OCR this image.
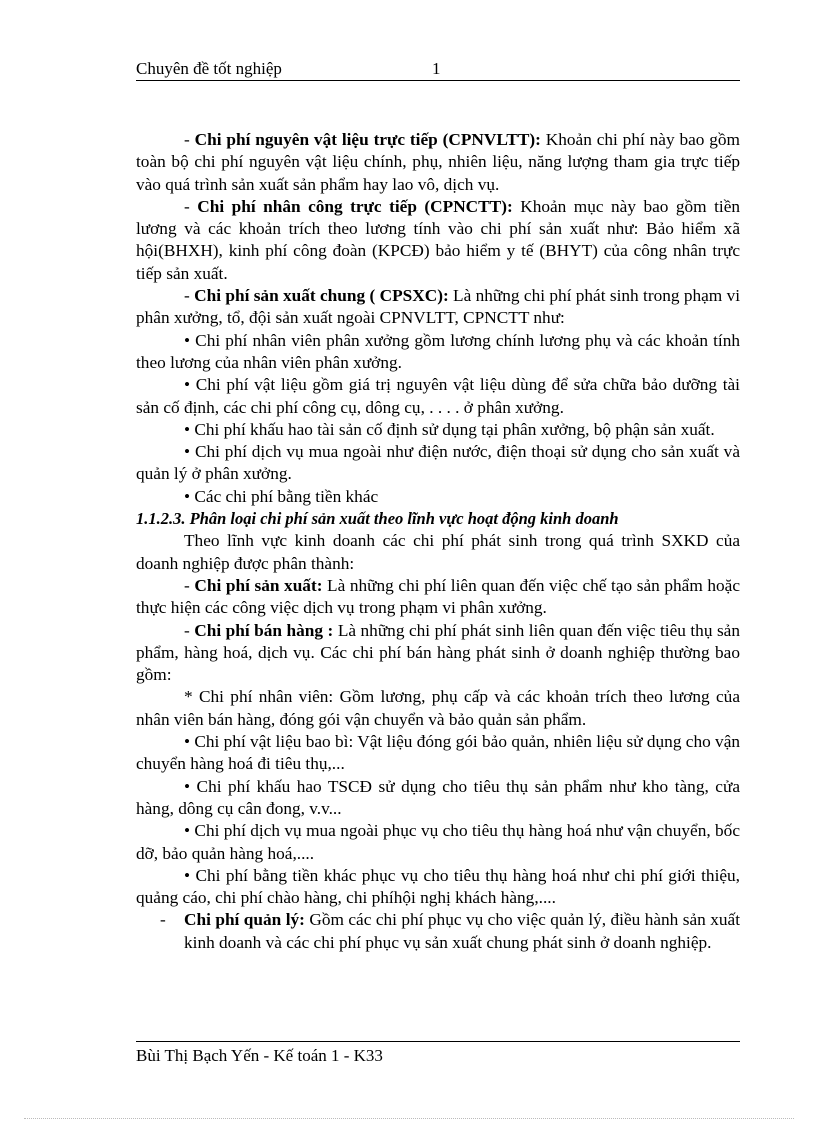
Chuyên đề tốt nghiệp	1

- Chi phí nguyên vật liệu trực tiếp (CPNVLTT): Khoản chi phí này bao gồm toàn bộ chi phí nguyên vật liệu chính, phụ, nhiên liệu, năng lượng tham gia trực tiếp vào quá trình sản xuất sản phẩm hay lao vô, dịch vụ.

- Chi phí nhân công trực tiếp (CPNCTT): Khoản mục này bao gồm tiền lương và các khoản trích theo lương tính vào chi phí sản xuất như: Bảo hiểm xã hội(BHXH), kinh phí công đoàn (KPCĐ) bảo hiểm y tế (BHYT) của công nhân trực tiếp sản xuất.

- Chi phí sản xuất chung ( CPSXC): Là những chi phí phát sinh trong phạm vi phân xưởng, tổ, đội sản xuất ngoài CPNVLTT, CPNCTT như:

• Chi phí nhân viên phân xưởng gồm lương chính lương phụ và các khoản tính theo lương của nhân viên phân xưởng.

• Chi phí vật liệu gồm giá trị nguyên vật liệu dùng để sửa chữa bảo dưỡng tài sản cố định, các chi phí công cụ, dông cụ, . . . . ở phân xưởng.

• Chi phí khấu hao tài sản cố định sử dụng tại phân xưởng, bộ phận sản xuất.

• Chi phí dịch vụ mua ngoài như điện nước, điện thoại sử dụng cho sản xuất và quản lý ở phân xưởng.

• Các chi phí bằng tiền khác

1.1.2.3. Phân loại chi phí sản xuất theo lĩnh vực hoạt động kinh doanh

Theo lĩnh vực kinh doanh các chi phí phát sinh trong quá trình SXKD của doanh nghiệp được phân thành:

- Chi phí sản xuất: Là những chi phí liên quan đến việc chế tạo sản phẩm hoặc thực hiện các công việc dịch vụ trong phạm vi phân xưởng.

- Chi phí bán hàng : Là những chi phí phát sinh liên quan đến việc tiêu thụ sản phẩm, hàng hoá, dịch vụ. Các chi phí bán hàng phát sinh ở doanh nghiệp thường bao gồm:

* Chi phí nhân viên: Gồm lương, phụ cấp và các khoản trích theo lương của nhân viên bán hàng, đóng gói vận chuyển và bảo quản sản phẩm.

• Chi phí vật liệu bao bì: Vật liệu đóng gói bảo quản, nhiên liệu sử dụng cho vận chuyển hàng hoá đi tiêu thụ,...

• Chi phí khấu hao TSCĐ sử dụng cho tiêu thụ sản phẩm như kho tàng, cửa hàng, dông cụ cân đong, v.v...

• Chi phí dịch vụ mua ngoài phục vụ cho tiêu thụ hàng hoá như vận chuyển, bốc dỡ, bảo quản hàng hoá,....

• Chi phí bằng tiền khác phục vụ cho tiêu thụ hàng hoá như chi phí giới thiệu, quảng cáo, chi phí chào hàng, chi phíhội nghị khách hàng,....

- Chi phí quản lý: Gồm các chi phí phục vụ cho việc quản lý, điều hành sản xuất kinh doanh và các chi phí phục vụ sản xuất chung phát sinh ở doanh nghiệp.

Bùi Thị Bạch Yến - Kế toán 1 - K33
